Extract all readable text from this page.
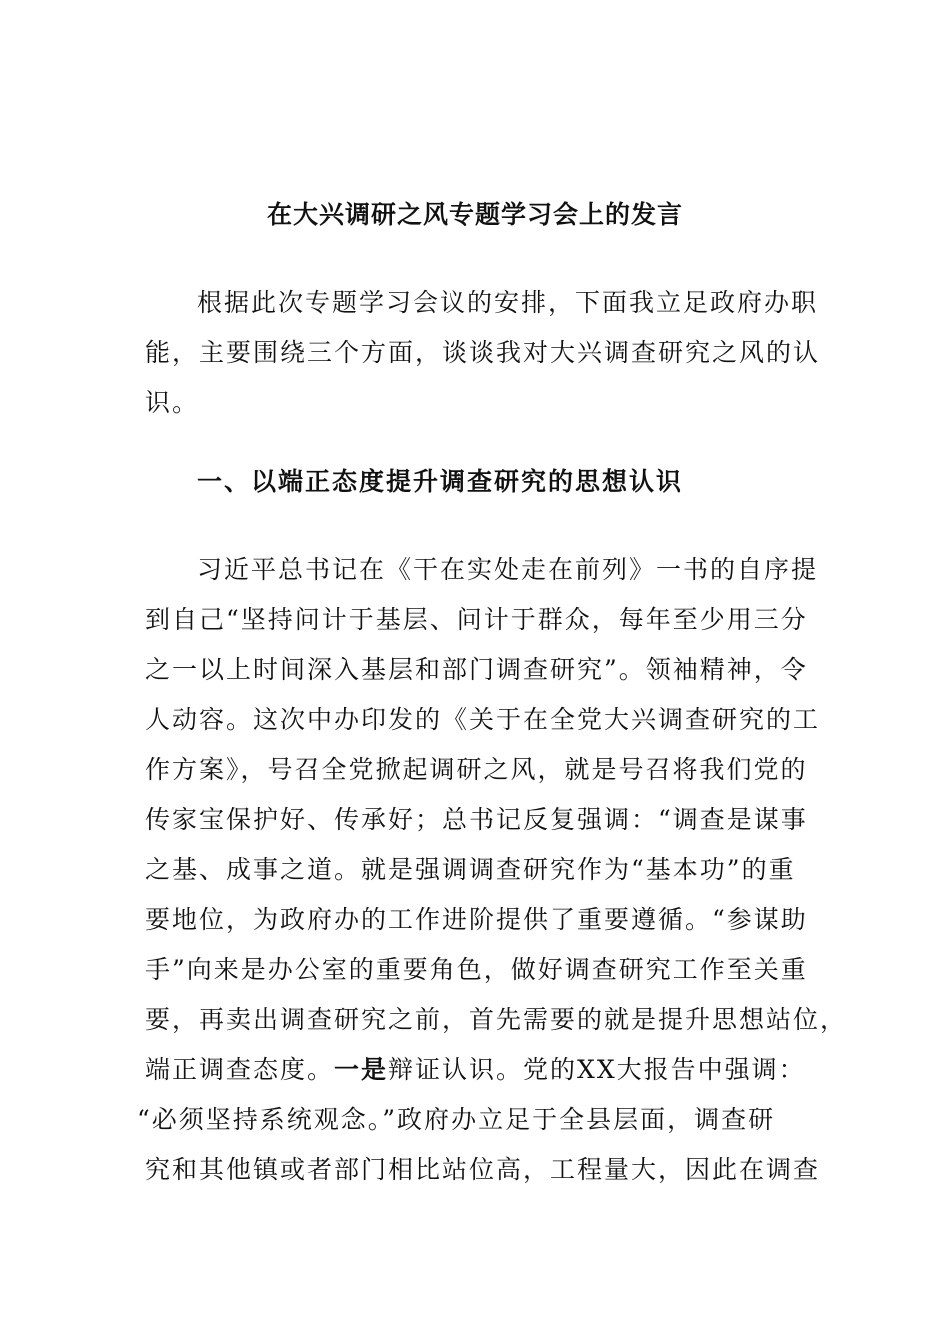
在大兴调研之风专题学习会上的发言
根据此次专题学习会议的安排，下面我立足政府办职
能，主要围绕三个方面，谈谈我对大兴调查研究之风的认
识。
一、以端正态度提升调查研究的思想认识
习近平总书记在《干在实处走在前列》一书的自序提
到自己“坚持问计于基层、问计于群众，每年至少用三分
之一以上时间深入基层和部门调查研究”。领袖精神，令
人动容。这次中办印发的《关于在全党大兴调查研究的工
作方案》，号召全党掀起调研之风，就是号召将我们党的
传家宝保护好、传承好；总书记反复强调：“调查是谋事
之基、成事之道。就是强调调查研究作为“基本功”的重
要地位，为政府办的工作进阶提供了重要遵循。“参谋助
手”向来是办公室的重要角色，做好调查研究工作至关重
要，再卖出调查研究之前，首先需要的就是提升思想站位，
端正调查态度。一是辩证认识。党的XX大报告中强调：
“必须坚持系统观念。”政府办立足于全县层面，调查研
究和其他镇或者部门相比站位高，工程量大，因此在调查
